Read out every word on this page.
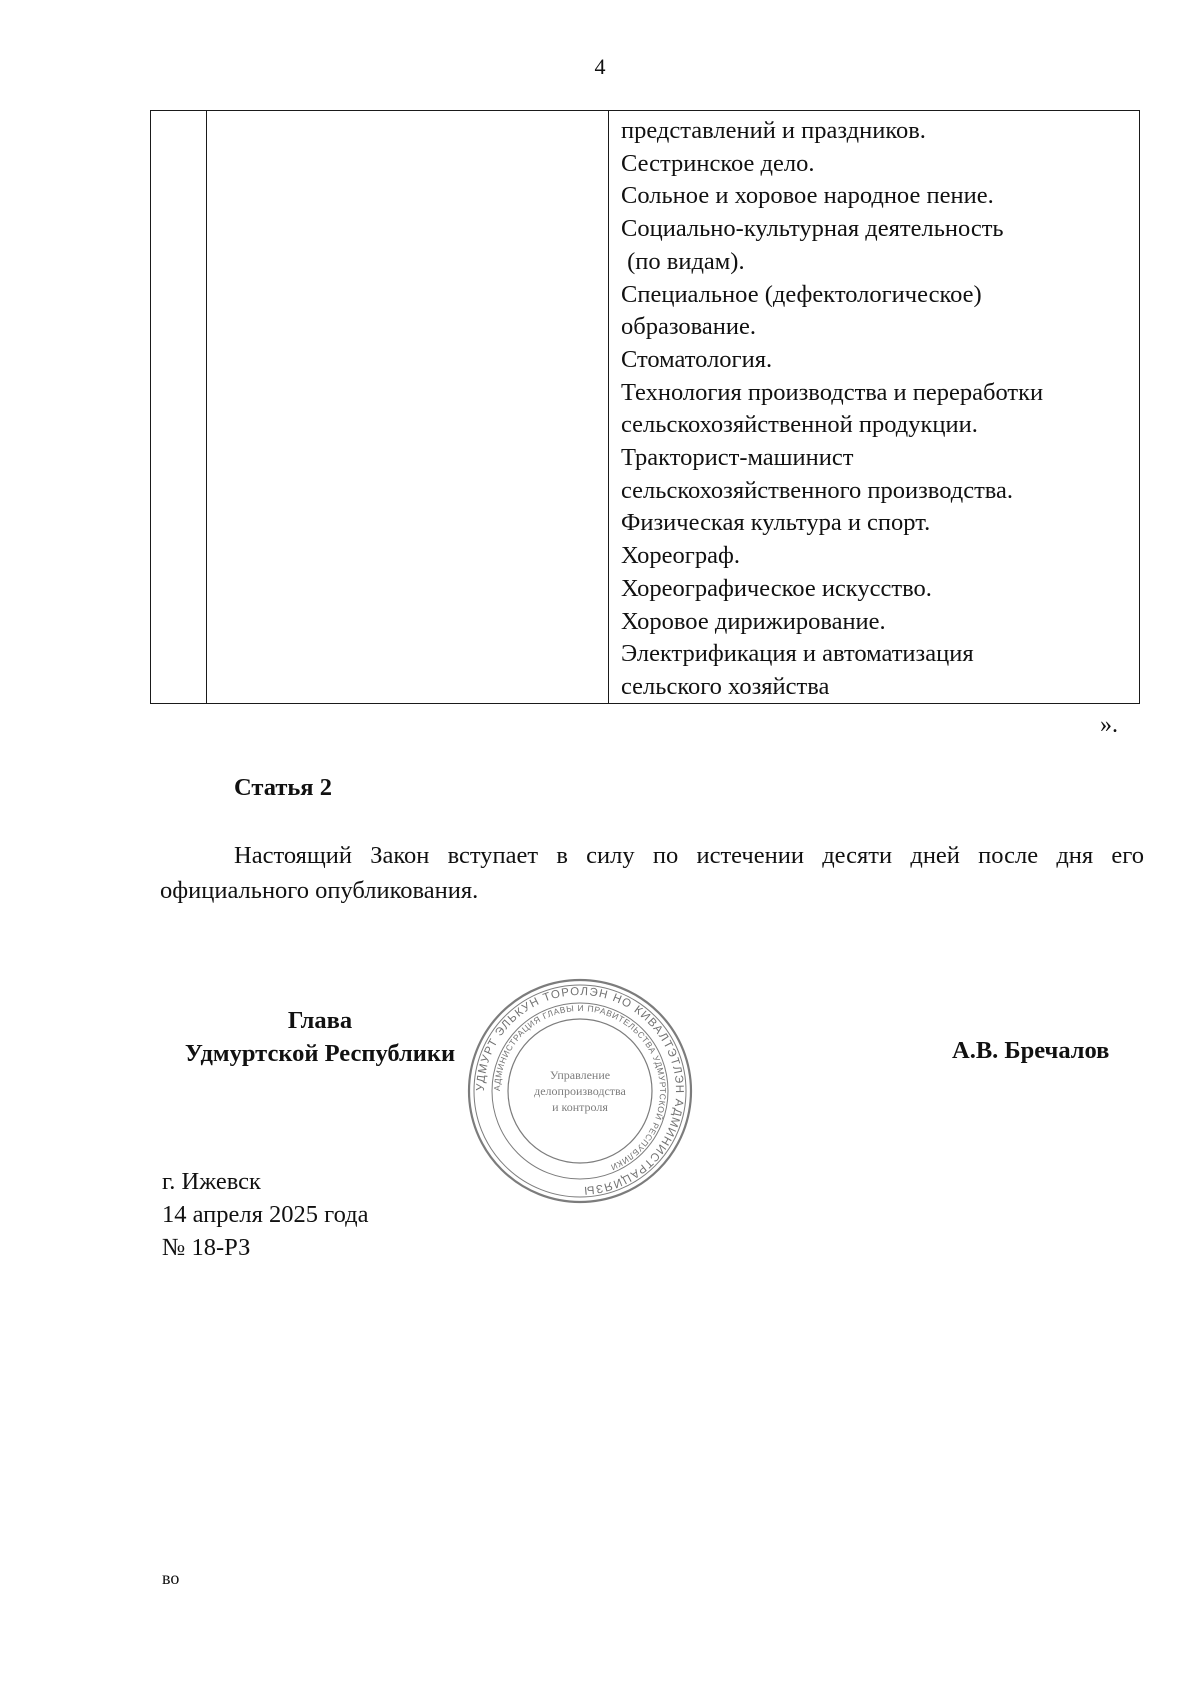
4
представлений и праздников.
Сестринское дело.
Сольное и хоровое народное пение.
Социально-культурная деятельность
(по видам).
Специальное (дефектологическое)
образование.
Стоматология.
Технология производства и переработки
сельскохозяйственной продукции.
Тракторист-машинист
сельскохозяйственного производства.
Физическая культура и спорт.
Хореограф.
Хореографическое искусство.
Хоровое дирижирование.
Электрификация и автоматизация
сельского хозяйства
».
Статья 2

Настоящий Закон вступает в силу по истечении десяти дней после дня его официального опубликования.

Глава
Удмуртской Республики
УДМУРТ ЭЛЬКУН ТОРОЛЭН НО КИВАЛТЭТЛЭН АДМИНИСТРАЦИЯЗЫ
АДМИНИСТРАЦИЯ ГЛАВЫ И ПРАВИТЕЛЬСТВА УДМУРТСКОЙ РЕСПУБЛИКИ
Управление
делопроизводства
и контроля
А.В. Бречалов
г. Ижевск
14 апреля 2025 года
№ 18-РЗ
во
